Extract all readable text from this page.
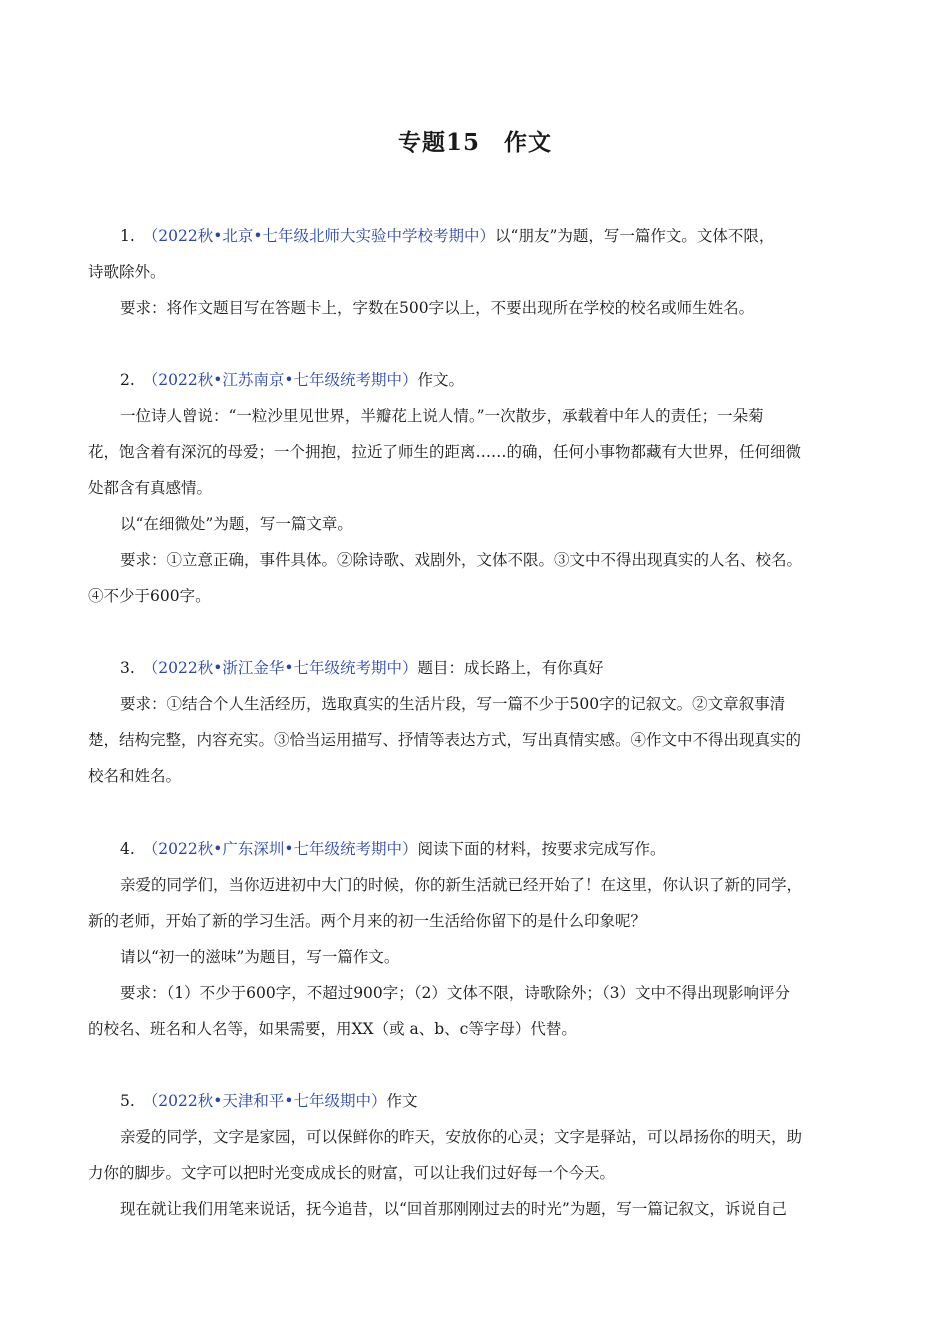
专题15　作文
1. （2022秋•北京•七年级北师大实验中学校考期中）以“朋友”为题，写一篇作文。文体不限，
诗歌除外。
要求：将作文题目写在答题卡上，字数在500字以上，不要出现所在学校的校名或师生姓名。
2. （2022秋•江苏南京•七年级统考期中）作文。
一位诗人曾说：“一粒沙里见世界，半瓣花上说人情。”一次散步，承载着中年人的责任；一朵菊
花，饱含着有深沉的母爱；一个拥抱，拉近了师生的距离……的确，任何小事物都藏有大世界，任何细微
处都含有真感情。
以“在细微处”为题，写一篇文章。
要求：①立意正确，事件具体。②除诗歌、戏剧外，文体不限。③文中不得出现真实的人名、校名。
④不少于600字。
3. （2022秋•浙江金华•七年级统考期中）题目：成长路上，有你真好
要求：①结合个人生活经历，选取真实的生活片段，写一篇不少于500字的记叙文。②文章叙事清
楚，结构完整，内容充实。③恰当运用描写、抒情等表达方式，写出真情实感。④作文中不得出现真实的
校名和姓名。
4. （2022秋•广东深圳•七年级统考期中）阅读下面的材料，按要求完成写作。
亲爱的同学们，当你迈进初中大门的时候，你的新生活就已经开始了！在这里，你认识了新的同学，
新的老师，开始了新的学习生活。两个月来的初一生活给你留下的是什么印象呢？
请以“初一的滋味”为题目，写一篇作文。
要求：（1）不少于600字，不超过900字；（2）文体不限，诗歌除外；（3）文中不得出现影响评分
的校名、班名和人名等，如果需要，用XX（或 a、b、c等字母）代替。
5. （2022秋•天津和平•七年级期中）作文
亲爱的同学，文字是家园，可以保鲜你的昨天，安放你的心灵；文字是驿站，可以昂扬你的明天，助
力你的脚步。文字可以把时光变成成长的财富，可以让我们过好每一个今天。
现在就让我们用笔来说话，抚今追昔，以“回首那刚刚过去的时光”为题，写一篇记叙文，诉说自己
